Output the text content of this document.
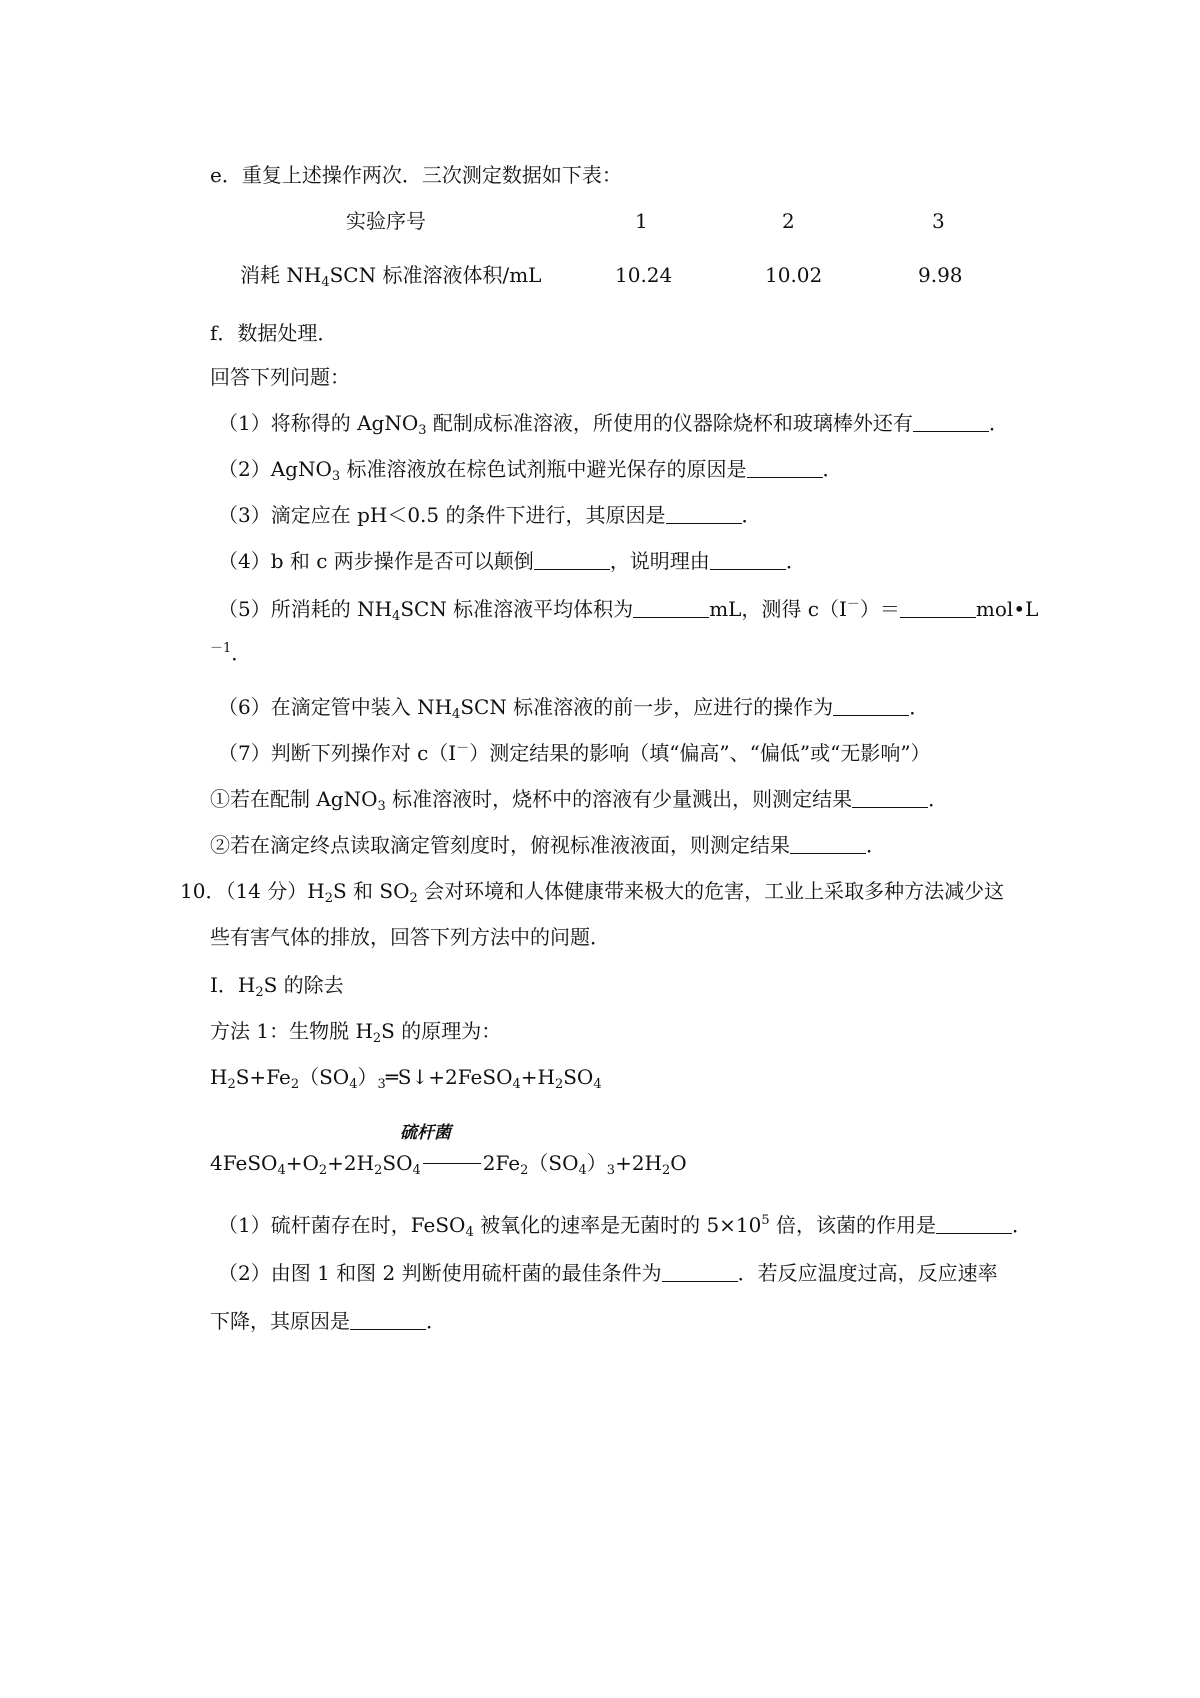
e．重复上述操作两次．三次测定数据如下表：
实验序号	1	2	3
消耗 $NH_4SCN$ 标准溶液体积/mL	10.24	10.02	9.98
f．数据处理．
回答下列问题：
（1）将称得的 AgNO$_3$ 配制成标准溶液，所使用的仪器除烧杯和玻璃棒外还有	．
（2）AgNO$_3$ 标准溶液放在棕色试剂瓶中避光保存的原因是	．
（3）滴定应在 pH＜0.5 的条件下进行，其原因是	．
（4）b 和 c 两步操作是否可以颠倒	，说明理由	．
（5）所消耗的 $NH_4SCN$ 标准溶液平均体积为	mL，测得 c（I－）＝	mol•L
$^{-1}$．
（6）在滴定管中装入 $NH_4SCN$ 标准溶液的前一步，应进行的操作为	．
（7）判断下列操作对 c（I－）测定结果的影响（填“偏高”、“偏低”或“无影响”）
①若在配制 AgNO$_3$ 标准溶液时，烧杯中的溶液有少量溅出，则测定结果	．
②若在滴定终点读取滴定管刻度时，俯视标准液液面，则测定结果	．
10．（14 分）$H_2S$ 和 $SO_2$ 会对环境和人体健康带来极大的危害，工业上采取多种方法减少这
些有害气体的排放，回答下列方法中的问题．
Ⅰ．$H_2S$ 的除去
方法 1：生物脱 $H_2S$ 的原理为：
$H_2S+Fe_2(SO_4)_3═S↓+2FeSO_4+H_2SO_4$
硫杆菌
$4FeSO_4+O_2+2H_2SO_4$	$2Fe_2(SO_4)_3+2H_2O$
（1）硫杆菌存在时，FeSO$_4$ 被氧化的速率是无菌时的 $5\times 10^5$ 倍，该菌的作用是	．
（2）由图 1 和图 2 判断使用硫杆菌的最佳条件为	．若反应温度过高，反应速率
下降，其原因是	．
